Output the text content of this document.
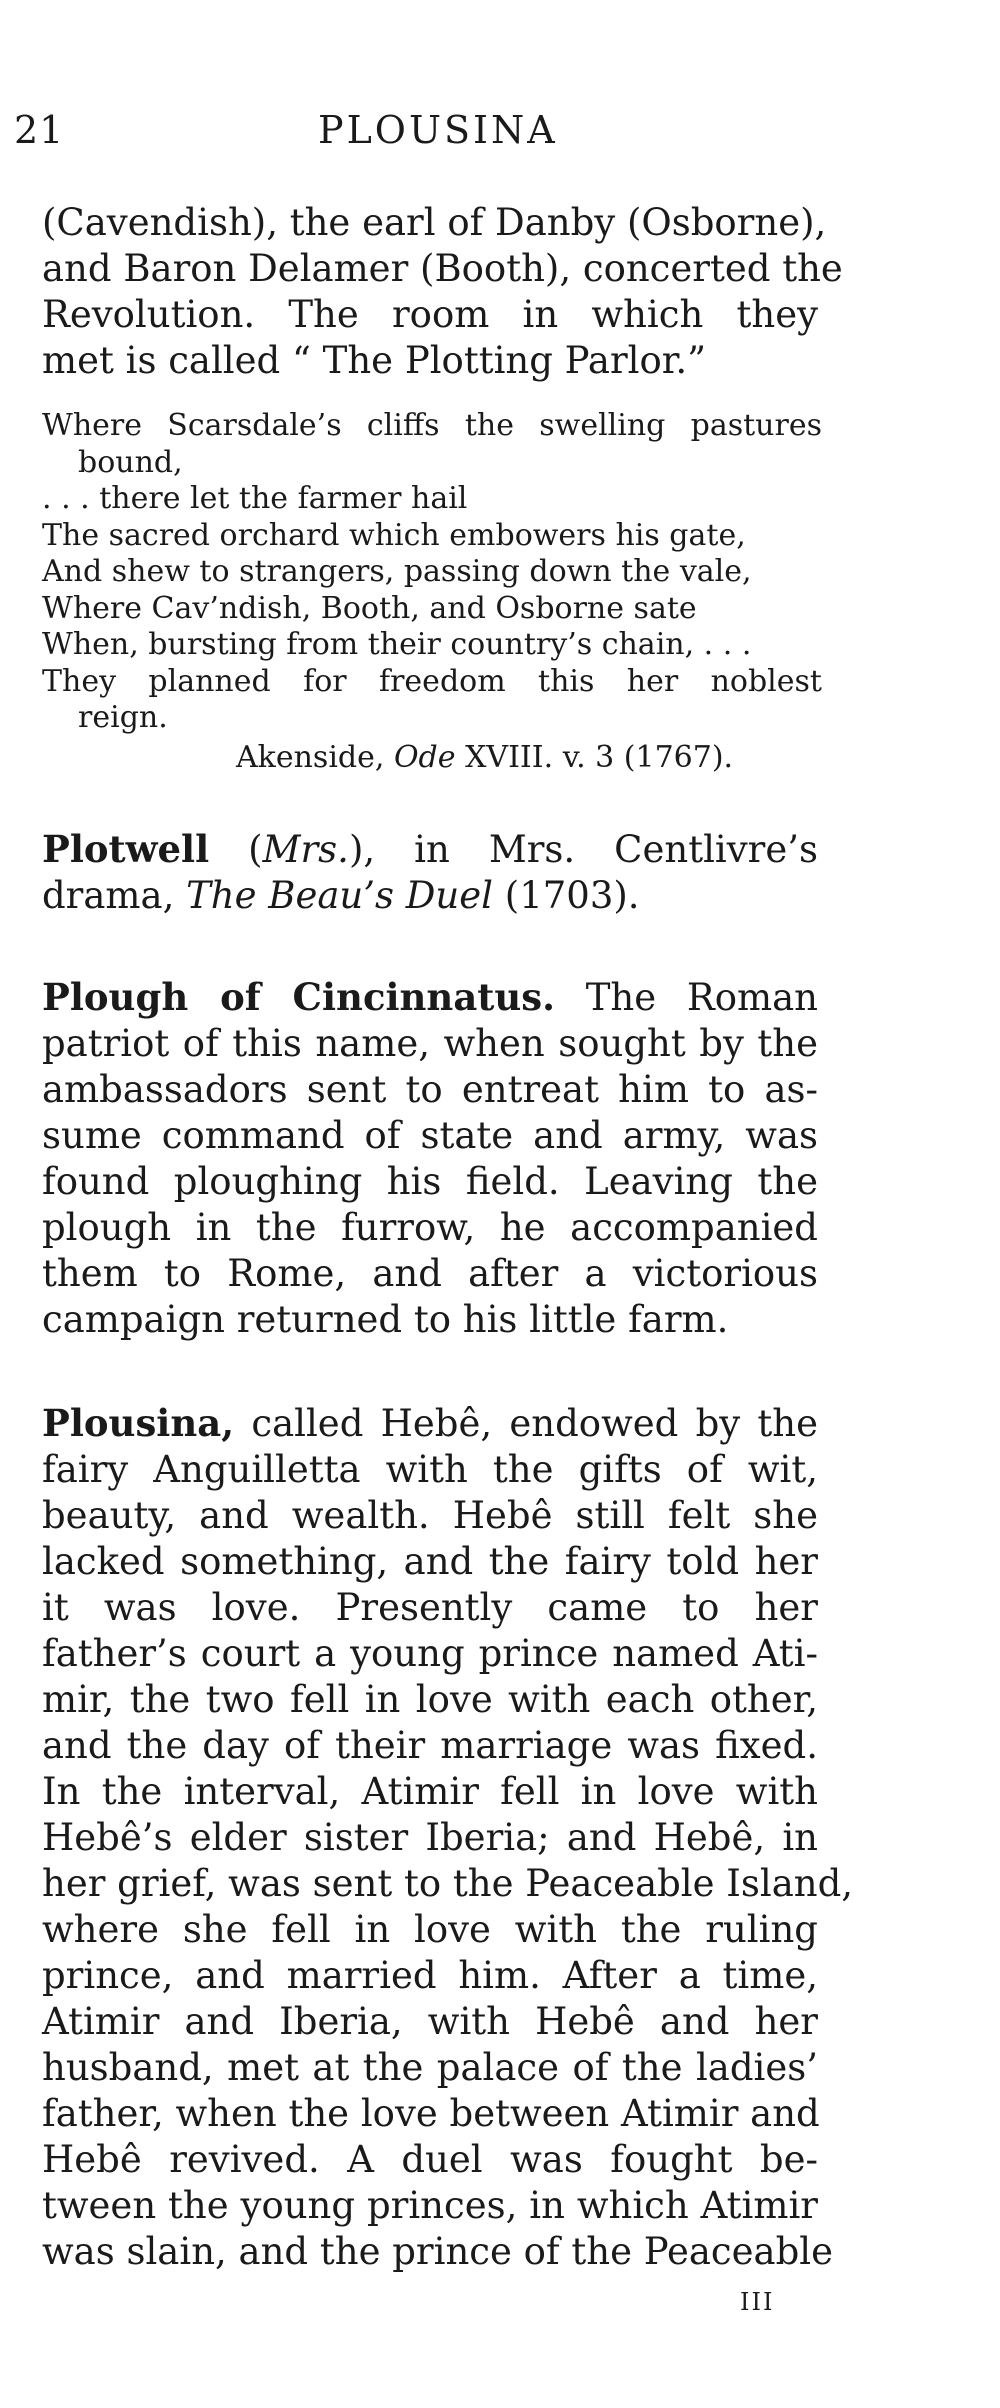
21	PLOUSINA
(Cavendish), the earl of Danby (Osborne),
and Baron Delamer (Booth), concerted the
Revolution. The room in which they
met is called “ The Plotting Parlor.”
Where Scarsdale’s cliffs the swelling pastures
bound,
. . . there let the farmer hail
The sacred orchard which embowers his gate,
And shew to strangers, passing down the vale,
Where Cav’ndish, Booth, and Osborne sate
When, bursting from their country’s chain, . . .
They planned for freedom this her noblest
reign.
Akenside, Ode XVIII. v. 3 (1767).
Plotwell (Mrs.), in Mrs. Centlivre’s
drama, The Beau’s Duel (1703).
Plough of Cincinnatus. The Roman
patriot of this name, when sought by the
ambassadors sent to entreat him to as-
sume command of state and army, was
found ploughing his field. Leaving the
plough in the furrow, he accompanied
them to Rome, and after a victorious
campaign returned to his little farm.
Plousina, called Hebê, endowed by the
fairy Anguilletta with the gifts of wit,
beauty, and wealth. Hebê still felt she
lacked something, and the fairy told her
it was love. Presently came to her
father’s court a young prince named Ati-
mir, the two fell in love with each other,
and the day of their marriage was fixed.
In the interval, Atimir fell in love with
Hebê’s elder sister Iberia; and Hebê, in
her grief, was sent to the Peaceable Island,
where she fell in love with the ruling
prince, and married him. After a time,
Atimir and Iberia, with Hebê and her
husband, met at the palace of the ladies’
father, when the love between Atimir and
Hebê revived. A duel was fought be-
tween the young princes, in which Atimir
was slain, and the prince of the Peaceable
III
